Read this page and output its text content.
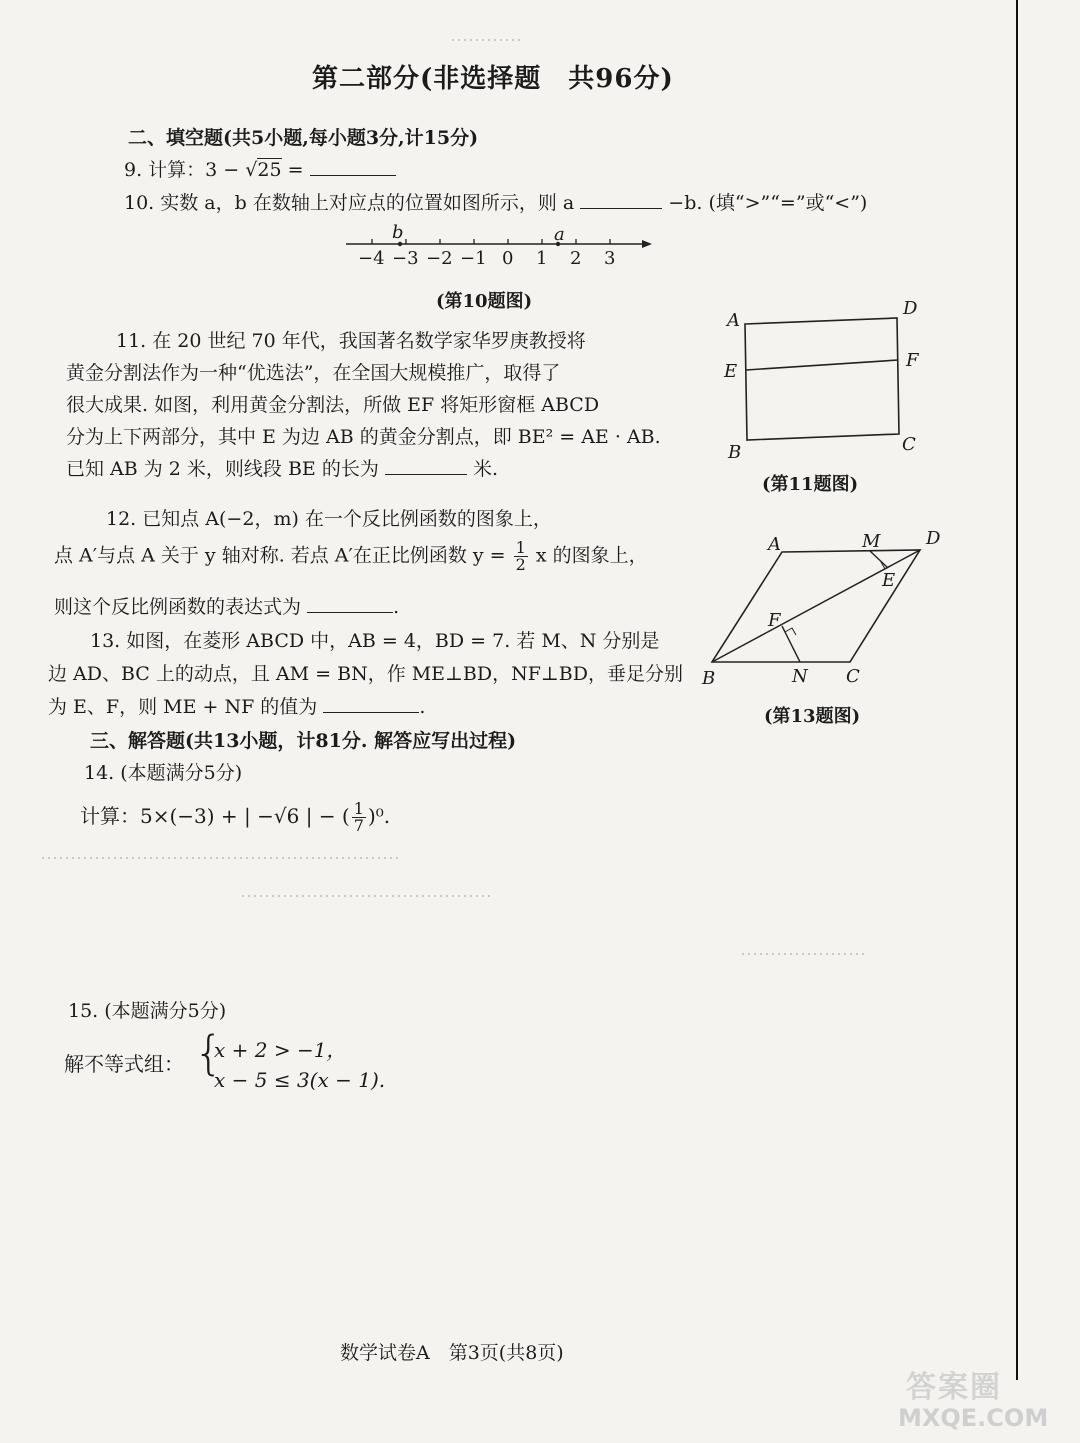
第二部分(非选择题　共96分)
⋯⋯⋯⋯
二、填空题(共5小题,每小题3分,计15分)
9. 计算：3 − √25 =
10. 实数 a，b 在数轴上对应点的位置如图所示，则 a	−b. (填“>”“=”或“<”)
b	a
−4 −3 −2 −1 0 1 2 3
(第10题图)
11. 在 20 世纪 70 年代，我国著名数学家华罗庚教授将
黄金分割法作为一种“优选法”，在全国大规模推广，取得了
很大成果. 如图，利用黄金分割法，所做 EF 将矩形窗框 ABCD
分为上下两部分，其中 E 为边 AB 的黄金分割点，即 BE² = AE · AB.
已知 AB 为 2 米，则线段 BE 的长为	米.
A
D
E
F
B	C
(第11题图)
12. 已知点 A(−2，m) 在一个反比例函数的图象上，
点 A′与点 A 关于 y 轴对称. 若点 A′在正比例函数 $y = \frac{1}{2}$ x 的图象上，
则这个反比例函数的表达式为	.
A	M	D
E
F
B	N C
(第13题图)
13. 如图，在菱形 ABCD 中，AB = 4，BD = 7. 若 M、N 分别是
边 AD、BC 上的动点，且 AM = BN，作 ME⊥BD，NF⊥BD，垂足分别
为 E、F，则 ME + NF 的值为	.
三、解答题(共13小题，计81分. 解答应写出过程)
14. (本题满分5分)
计算：5×(−3) + | −√6 | − ( $\frac{1}{7} )^0$.
⋯⋯⋯⋯⋯⋯⋯⋯⋯⋯⋯⋯⋯⋯⋯⋯⋯⋯⋯⋯
⋯⋯⋯⋯⋯⋯⋯⋯⋯⋯⋯⋯⋯⋯
⋯⋯⋯⋯⋯⋯⋯
15. (本题满分5分)
解不等式组： {
x + 2 > −1，
x − 5 ≤ 3(x − 1).
数学试卷A　第3页(共8页)
答案圈
MXQE.COM
